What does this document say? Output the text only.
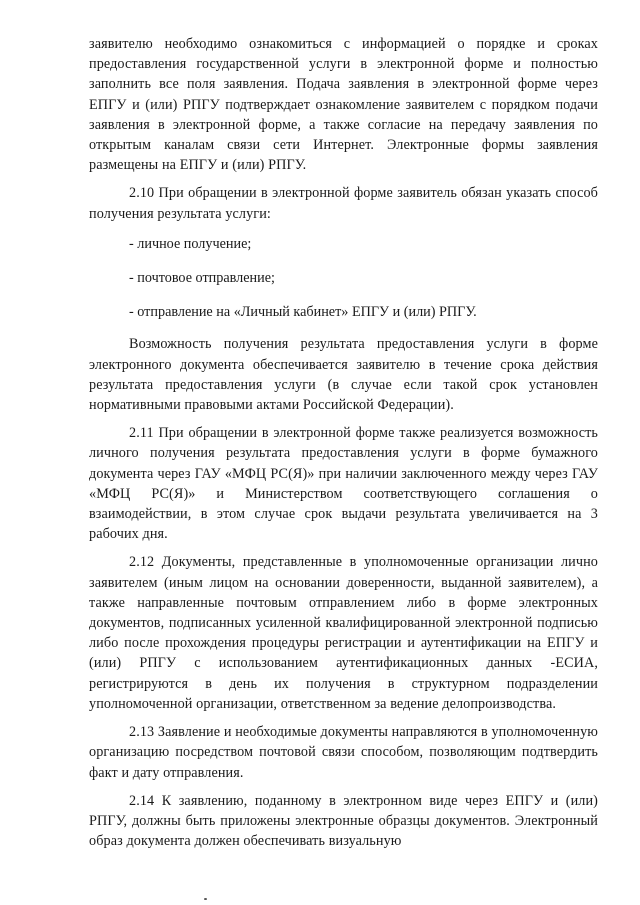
заявителю необходимо ознакомиться с информацией о порядке и сроках предоставления государственной услуги в электронной форме и полностью заполнить все поля заявления. Подача заявления в электронной форме через ЕПГУ и (или) РПГУ подтверждает ознакомление заявителем с порядком подачи заявления в электронной форме, а также согласие на передачу заявления по открытым каналам связи сети Интернет. Электронные формы заявления размещены на ЕПГУ и (или) РПГУ.

2.10 При обращении в электронной форме заявитель обязан указать способ получения результата услуги:

- личное получение;

- почтовое отправление;

- отправление на «Личный кабинет» ЕПГУ и (или) РПГУ.

Возможность получения результата предоставления услуги в форме электронного документа обеспечивается заявителю в течение срока действия результата предоставления услуги (в случае если такой срок установлен нормативными правовыми актами Российской Федерации).

2.11 При обращении в электронной форме также реализуется возможность личного получения результата предоставления услуги в форме бумажного документа через ГАУ «МФЦ РС(Я)» при наличии заключенного между через ГАУ «МФЦ РС(Я)» и Министерством соответствующего соглашения о взаимодействии, в этом случае срок выдачи результата увеличивается на 3 рабочих дня.

2.12 Документы, представленные в уполномоченные организации лично заявителем (иным лицом на основании доверенности, выданной заявителем), а также направленные почтовым отправлением либо в форме электронных документов, подписанных усиленной квалифицированной электронной подписью либо после прохождения процедуры регистрации и аутентификации на ЕПГУ и (или) РПГУ с использованием аутентификационных данных -ЕСИА, регистрируются в день их получения в структурном подразделении уполномоченной организации, ответственном за ведение делопроизводства.

2.13 Заявление и необходимые документы направляются в уполномоченную организацию посредством почтовой связи способом, позволяющим подтвердить факт и дату отправления.

2.14 К заявлению, поданному в электронном виде через ЕПГУ и (или) РПГУ, должны быть приложены электронные образцы документов. Электронный образ документа должен обеспечивать визуальную
